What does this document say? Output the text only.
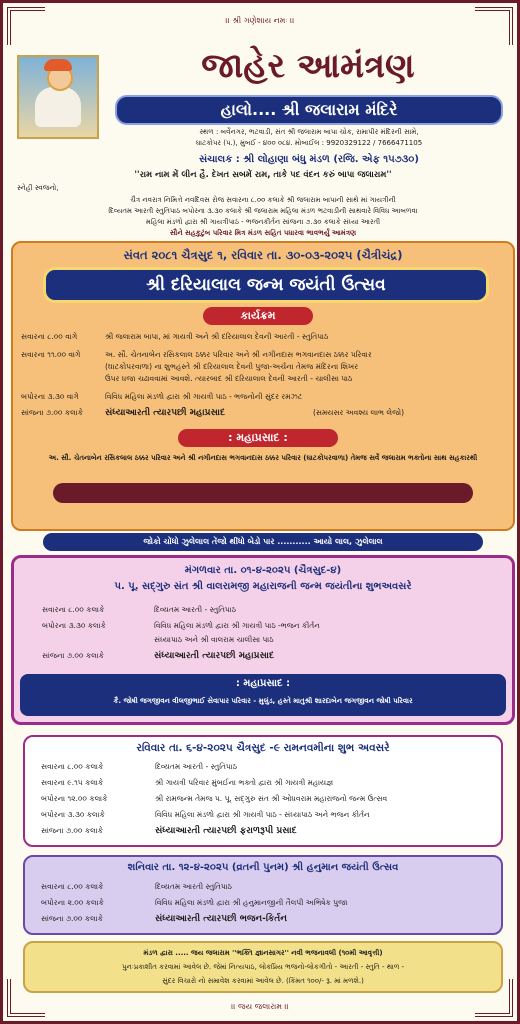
।। શ્રી ગણેશાય નમઃ ।।
જાહેર આમંત્રણ
હાલો.... શ્રી જલારામ મંદિરે
સ્થળ : બર્વેનગર, ભટવાડી, સંત શ્રી જલારામ બાપા ચોક, રામાપીર મંદિરની સામે,
ઘાટકોપર (પ.), મુંબઈ - ૪૦૦ ૦૮૪. મોબાઈલ : 9920329122 / 7666471105
સંચાલક : શ્રી લોહાણા બંધુ મંડળ (રજિ. એફ ૧૫૭૩૦)
''રામ નામ મેં લીન હૈ. દેખત સબમેં રામ, તાકે પદ વંદન કરું બાપા જલારામ''
સ્નેહી સ્વજનો,
ચૈત્ર નવરાત્ર નિમિત્તે નવદિવસ રોજ સવારના ૮.૦૦ કલાકે શ્રી જલારામ બાપાની સાથે માં ગાયત્રીની
દિવ્યતમ આરતી સ્તુતિપાઠ બપોરના ૩.૩૦ કલાકે શ્રી જલારામ મહિલા મંડળ ભટવાડીની સાથવારે વિવિધ આબળવા
મહિલા મંડળો દ્વારા શ્રી ગાયત્રીપાઠ - ભજનકીર્તન સાંજના ૭.૩૦ કલાકે સંધ્યા આરતી
સૌને સહકુટુંબ પરિવાર મિત્ર મંડળ સહિત પધારવા ભાવભર્યું આમંત્રણ
સંવત ૨૦૮૧ ચૈત્રસુદ ૧, રવિવાર તા. ૩૦-૦૩-૨૦૨૫ (ચૈત્રીચંદ્ર)
શ્રી દરિયાલાલ જન્મ જયંતી ઉત્સવ
કાર્યક્રમ
સવારના ૮.૦૦ વાગે	શ્રી જલારામ બાપા, માં ગાયત્રી અને શ્રી દરિયાલાલ દેવની આરતી - સ્તુતિપાઠ
સવારના ૧૧.૦૦ વાગે	અ. સૌ. ચેતનાબેન રસિકલાલ ઠક્કર પરિવાર અને શ્રી નગીનદાસ ભગવાનદાસ ઠક્કર પરિવાર
(ઘાટકોપરવાળા) ના શુભહસ્તે શ્રી દરિયાલાલ દેવની પુજા-અર્ચના તેમજ મંદિરના શિખર
ઉપર ધજા ચઢાવવામાં આવશે. ત્યારબાદ શ્રી દરિયાલાલ દેવની આરતી - ચાલીસા પાઠ
બપોરના ૩.૩૦ વાગે	વિવિધ મહિલા મંડળો દ્વારા શ્રી ગાયત્રી પાઠ - ભજનોની સુંદર રમઝટ
સાંજના ૭.૦૦ કલાકે સંધ્યાઆરતી ત્યારપછી મહાપ્રસાદ	(સમયસર અવશ્ય લાભ લેજો)
: મહાપ્રસાદ :
અ. સૌ. ચેતનાબેન રસિકલાલ ઠક્કર પરિવાર અને શ્રી નગીનદાસ ભગવાનદાસ ઠક્કર પરિવાર (ઘાટકોપરવાળા) તેમજ સર્વે જલારામ ભક્તોના સાથ સહકારથી
જોકો ચોંધો ઝુલેલાલ તેંજો થીંધો બેડો પાર ........... આયો લાલ, ઝુલેલાલ
મંગળવાર તા. ૦૧-૪-૨૦૨૫ (ચૈત્રસુદ-૪)
પ. પૂ. સદ્‌ગુરુ સંત શ્રી વાલરામજી મહારાજની જન્મ જયંતીના શુભઅવસરે
સવારના ૮.૦૦ કલાકે	દિવ્યતમ આરતી - સ્તુતિપાઠ
બપોરના ૩.૩૦ કલાકે	વિવિધ મહિલા મંડળો દ્વારા શ્રી ગાયત્રી પાઠ -ભજન કીર્તન
સંધ્યાપાઠ અને શ્રી વાલરામ ચાલીસા પાઠ
સાંજના ૭.૦૦ કલાકે	સંધ્યાઆરતી ત્યારપછી મહાપ્રસાદ
: મહાપ્રસાદ :
કૈ. જોષી જગજીવન વીલજીભાઈ સેવાપાર પરિવાર - મુલુંડ, હસ્તે માતુશ્રી શારદાબેન જગજીવન જોષી પરિવાર
રવિવાર તા. ૬-૪-૨૦૨૫ ચૈત્રસુદ -૯ રામનવમીના શુભ અવસરે
સવારના ૮.૦૦ કલાકે	દિવ્યતમ આરતી - સ્તુતિપાઠ
સવારના ૯.૧૫ કલાકે	શ્રી ગાયત્રી પરિવાર મુંબઈના ભક્તો દ્વારા શ્રી ગાયત્રી મહાયજ્ઞ
બપોરના ૧૨.૦૦ કલાકે	શ્રી રામજન્મ તેમજ પ. પૂ. સદ્‌ગુરુ સંત શ્રી ઓધવરામ મહારાજનો જન્મ ઉત્સવ
બપોરના ૩.૩૦ કલાકે	વિવિધ મહિલા મંડળો દ્વારા શ્રી ગાયત્રી પાઠ - સંધ્યાપાઠ અને ભજન કીર્તન
સાંજના ૭.૦૦ કલાકે	સંધ્યાઆરતી ત્યારપછી ફરાળરૂપી પ્રસાદ
શનિવાર તા. ૧૨-૪-૨૦૨૫ (વ્રતની પુનમ) શ્રી હનુમાન જયંતી ઉત્સવ
સવારના ૮.૦૦ કલાકે	દિવ્યતમ આરતી સ્તુતિપાઠ
બપોરના ૨.૦૦ કલાકે	વિવિધ મહિલા મંડળો દ્વારા શ્રી હનુમાનજીની તૈલપી અભિષેક પુજા
સાંજના ૭.૦૦ કલાકે	સંધ્યાઆરતી ત્યારપછી ભજન-કિર્તન
મંડળ દ્વારા ..... જય જલારામ ''ભક્તિ જ્ઞાનસાગર'' નવી ભજનાવલી (૧૦મી આવૃત્તી)
પુનઃપ્રકાશીત કરવામાં આવેલ છે. જેમાં નિત્યપાઠ, લોકપ્રિય ભજનો-લોકગીતો - આરતી - સ્તુતિ - થાળ -
સુંદર વિચારો નો સમાવેશ કરવામાં આવેલ છે. (કિંમત ૧૦૦/- રૂ. માં મળશે.)
।। જય જલારામ ।।
